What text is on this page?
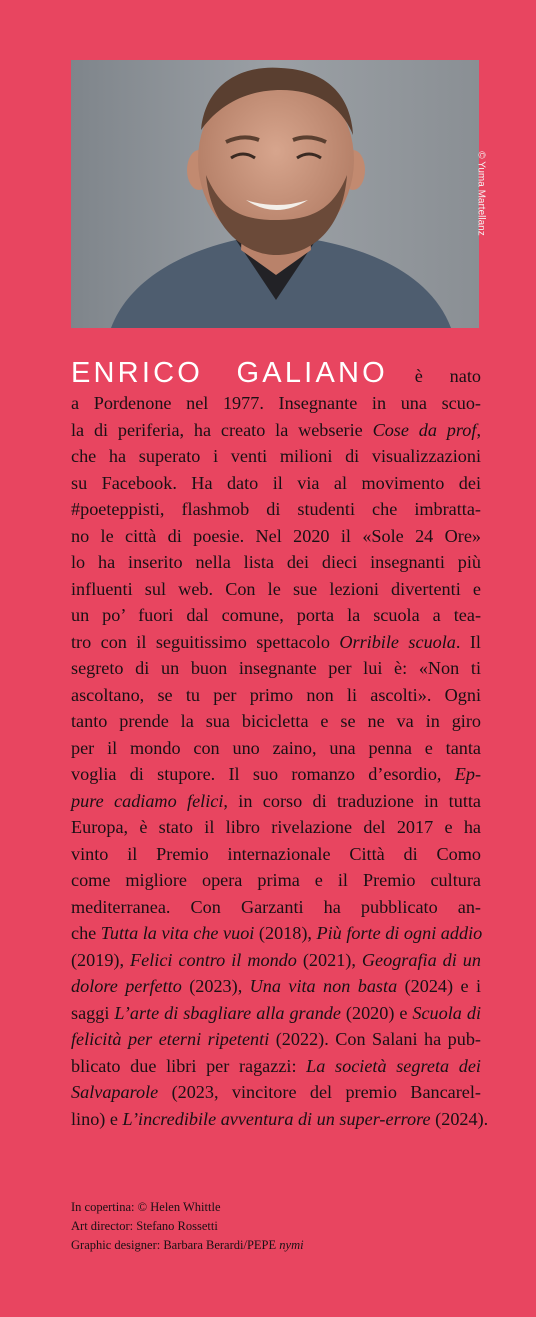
© Yuma Martellanz
ENRICO GALIANO è nato
a Pordenone nel 1977. Insegnante in una scuo-
la di periferia, ha creato la webserie Cose da prof,
che ha superato i venti milioni di visualizzazioni
su Facebook. Ha dato il via al movimento dei
#poeteppisti, flashmob di studenti che imbratta-
no le città di poesie. Nel 2020 il «Sole 24 Ore»
lo ha inserito nella lista dei dieci insegnanti più
influenti sul web. Con le sue lezioni divertenti e
un po’ fuori dal comune, porta la scuola a tea-
tro con il seguitissimo spettacolo Orribile scuola. Il
segreto di un buon insegnante per lui è: «Non ti
ascoltano, se tu per primo non li ascolti». Ogni
tanto prende la sua bicicletta e se ne va in giro
per il mondo con uno zaino, una penna e tanta
voglia di stupore. Il suo romanzo d’esordio, Ep-
pure cadiamo felici, in corso di traduzione in tutta
Europa, è stato il libro rivelazione del 2017 e ha
vinto il Premio internazionale Città di Como
come migliore opera prima e il Premio cultura
mediterranea. Con Garzanti ha pubblicato an-
che Tutta la vita che vuoi (2018), Più forte di ogni addio
(2019), Felici contro il mondo (2021), Geografia di un
dolore perfetto (2023), Una vita non basta (2024) e i
saggi L’arte di sbagliare alla grande (2020) e Scuola di
felicità per eterni ripetenti (2022). Con Salani ha pub-
blicato due libri per ragazzi: La società segreta dei
Salvaparole (2023, vincitore del premio Bancarel-
lino) e L’incredibile avventura di un super-errore (2024).
In copertina: © Helen Whittle
Art director: Stefano Rossetti
Graphic designer: Barbara Berardi/PEPE nymi
